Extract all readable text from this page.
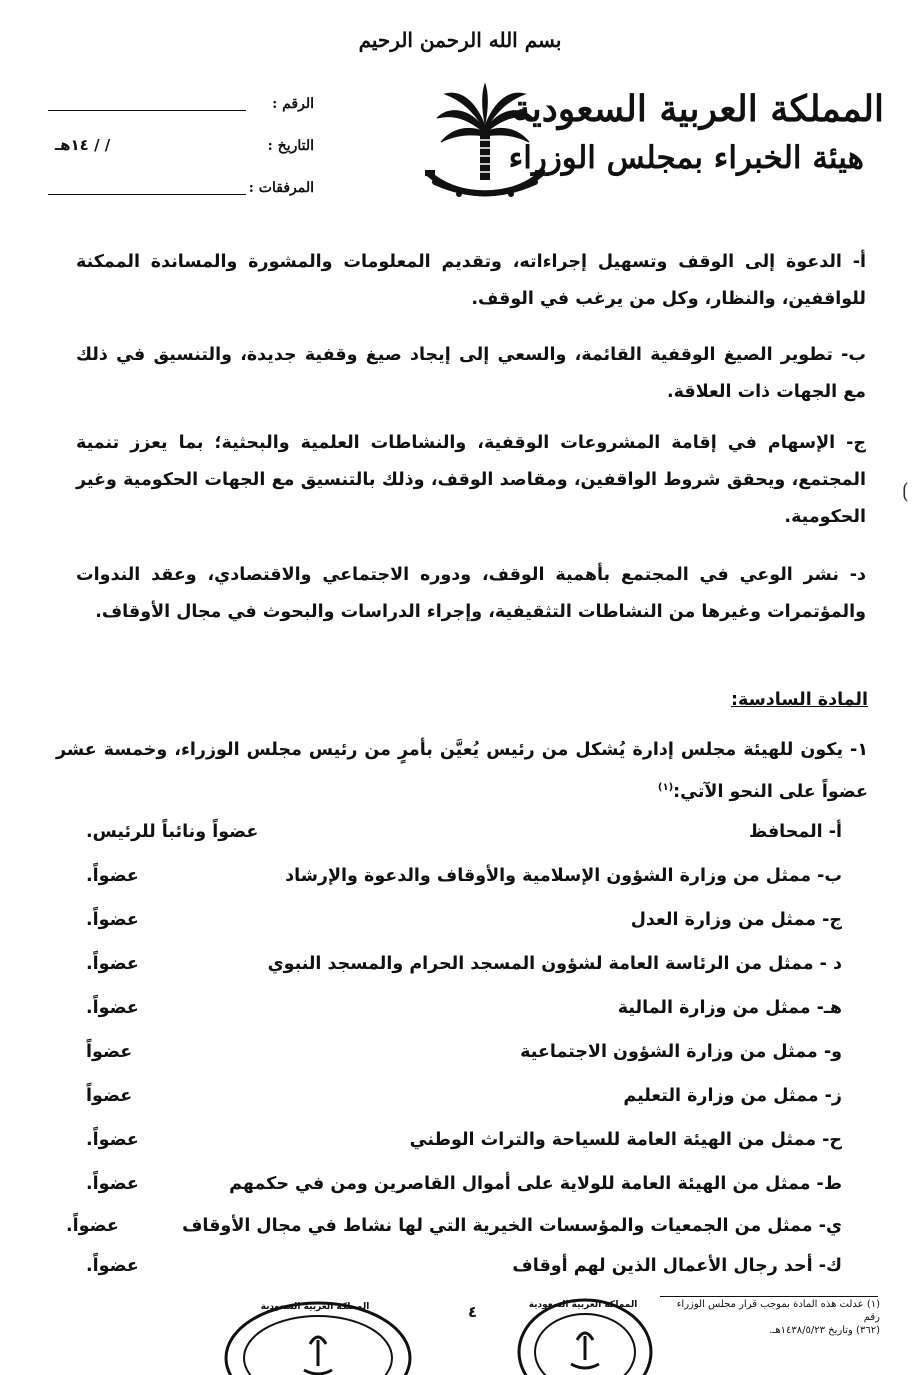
بسم الله الرحمن الرحيم
المملكة العربية السعودية
هيئة الخبراء بمجلس الوزراء
الرقم :
التاريخ :
/ / ١٤هـ
المرفقات :

أ- الدعوة إلى الوقف وتسهيل إجراءاته، وتقديم المعلومات والمشورة والمساندة الممكنة للواقفين، والنظار، وكل من يرغب في الوقف.

ب- تطوير الصيغ الوقفية القائمة، والسعي إلى إيجاد صيغ وقفية جديدة، والتنسيق في ذلك مع الجهات ذات العلاقة.

ج- الإسهام في إقامة المشروعات الوقفية، والنشاطات العلمية والبحثية؛ بما يعزز تنمية المجتمع، ويحقق شروط الواقفين، ومقاصد الوقف، وذلك بالتنسيق مع الجهات الحكومية وغير الحكومية.

د- نشر الوعي في المجتمع بأهمية الوقف، ودوره الاجتماعي والاقتصادي، وعقد الندوات والمؤتمرات وغيرها من النشاطات التثقيفية، وإجراء الدراسات والبحوث في مجال الأوقاف.

⟮
المادة السادسة:

١- يكون للهيئة مجلس إدارة يُشكل من رئيس يُعيَّن بأمرٍ من رئيس مجلس الوزراء، وخمسة عشر عضواً على النحو الآتي:$^{(١)}$

أ- المحافظ
عضواً ونائباً للرئيس.
ب- ممثل من وزارة الشؤون الإسلامية والأوقاف والدعوة والإرشاد
عضواً.
ج- ممثل من وزارة العدل
عضواً.
د - ممثل من الرئاسة العامة لشؤون المسجد الحرام والمسجد النبوي
عضواً.
هـ- ممثل من وزارة المالية
عضواً.
و- ممثل من وزارة الشؤون الاجتماعية
عضواً
ز- ممثل من وزارة التعليم
عضواً
ح- ممثل من الهيئة العامة للسياحة والتراث الوطني
عضواً.
ط- ممثل من الهيئة العامة للولاية على أموال القاصرين ومن في حكمهم
عضواً.
ي- ممثل من الجمعيات والمؤسسات الخيرية التي لها نشاط في مجال الأوقاف
عضواً.
ك- أحد رجال الأعمال الذين لهم أوقاف
عضواً.
المملكة العربية السعودية	المملكة العربية السعودية
٤	(١) عدلت هذه المادة بموجب قرار مجلس الوزراء رقم
(٣٦٢) وتاريخ ١٤٣٨/٥/٢٣هـ.
